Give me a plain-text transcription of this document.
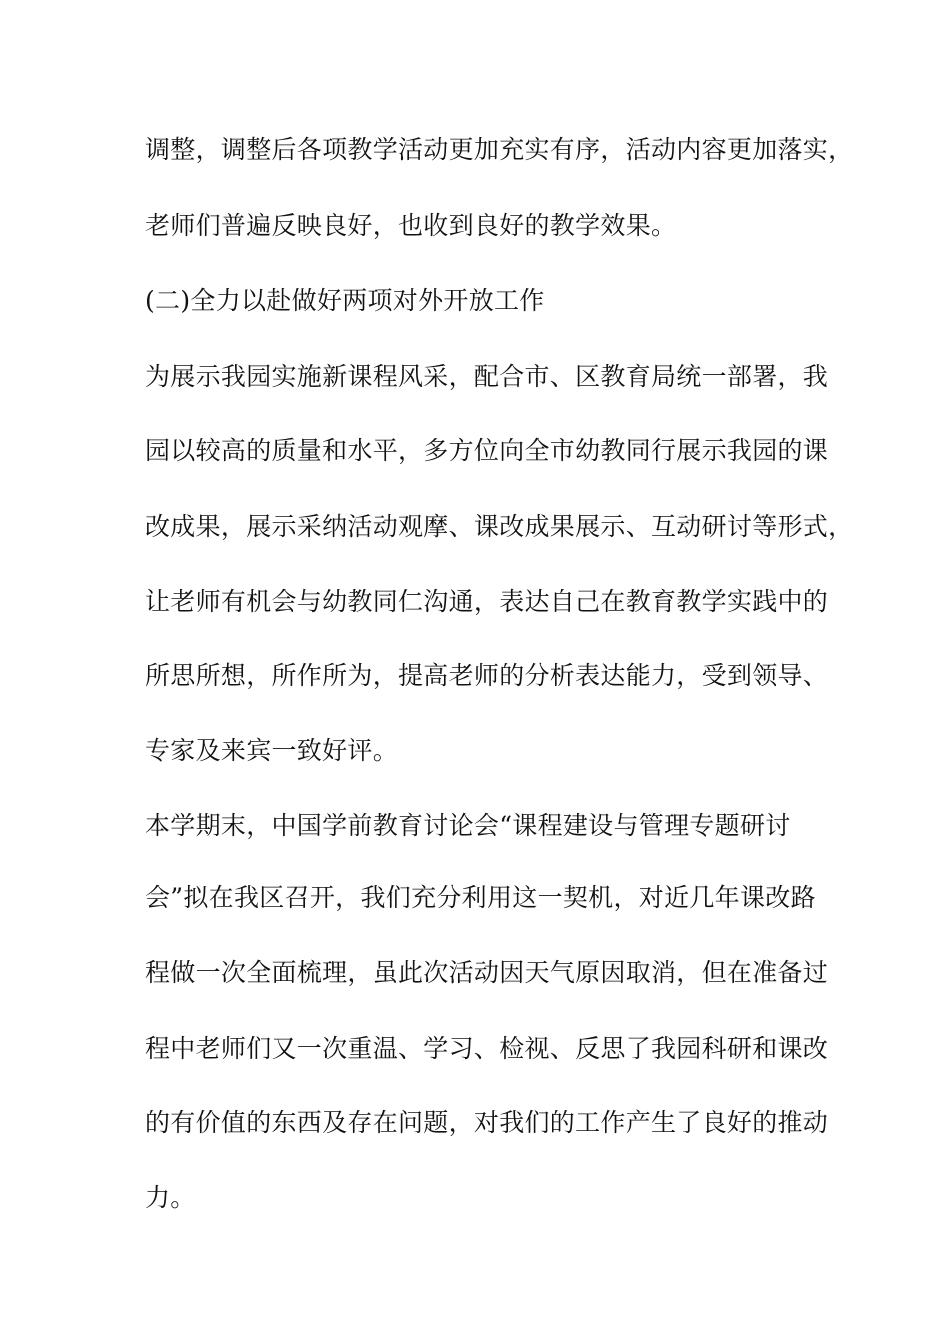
调整，调整后各项教学活动更加充实有序，活动内容更加落实，
老师们普遍反映良好，也收到良好的教学效果。
(二)全力以赴做好两项对外开放工作
为展示我园实施新课程风采，配合市、区教育局统一部署，我
园以较高的质量和水平，多方位向全市幼教同行展示我园的课
改成果，展示采纳活动观摩、课改成果展示、互动研讨等形式，
让老师有机会与幼教同仁沟通，表达自己在教育教学实践中的
所思所想，所作所为，提高老师的分析表达能力，受到领导、
专家及来宾一致好评。
本学期末，中国学前教育讨论会“课程建设与管理专题研讨
会”拟在我区召开，我们充分利用这一契机，对近几年课改路
程做一次全面梳理，虽此次活动因天气原因取消，但在准备过
程中老师们又一次重温、学习、检视、反思了我园科研和课改
的有价值的东西及存在问题，对我们的工作产生了良好的推动
力。
